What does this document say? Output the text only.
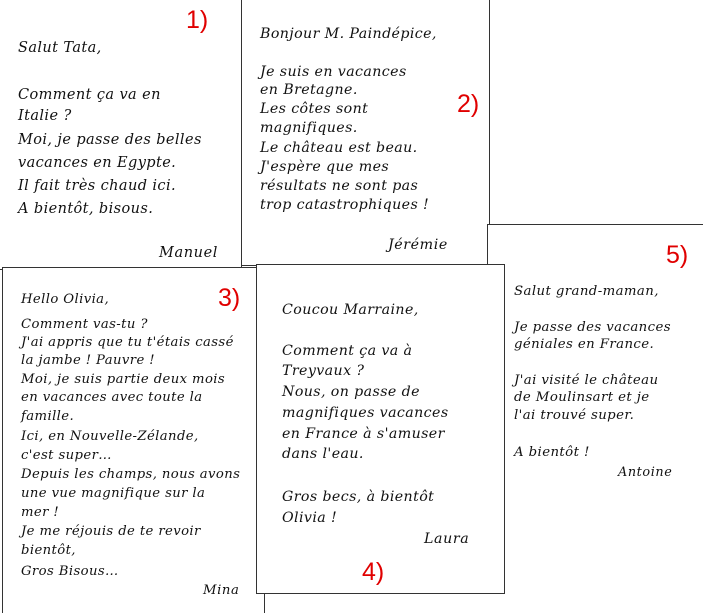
1)
Salut Tata,
Comment ça va en
Italie ?
Moi, je passe des belles
vacances en Egypte.
Il fait très chaud ici.
A bientôt, bisous.
Manuel
Bonjour M. Paindépice,
Je suis en vacances
en Bretagne.
Les côtes sont
magnifiques.
Le château est beau.
J'espère que mes
résultats ne sont pas
trop catastrophiques !
2)
Jérémie	5)
Salut grand-maman,
Je passe des vacances
géniales en France.
J'ai visité le château
de Moulinsart et je
l'ai trouvé super.
A bientôt !
Antoine
Hello Olivia,	3)
Comment vas-tu ?
J'ai appris que tu t'étais cassé
la jambe ! Pauvre !
Moi, je suis partie deux mois
en vacances avec toute la
famille.
Ici, en Nouvelle-Zélande,
c'est super…
Depuis les champs, nous avons
une vue magnifique sur la
mer !
Je me réjouis de te revoir
bientôt,
Gros Bisous…
Mina
Coucou Marraine,
Comment ça va à
Treyvaux ?
Nous, on passe de
magnifiques vacances
en France à s'amuser
dans l'eau.
Gros becs, à bientôt
Olivia !
Laura
4)
